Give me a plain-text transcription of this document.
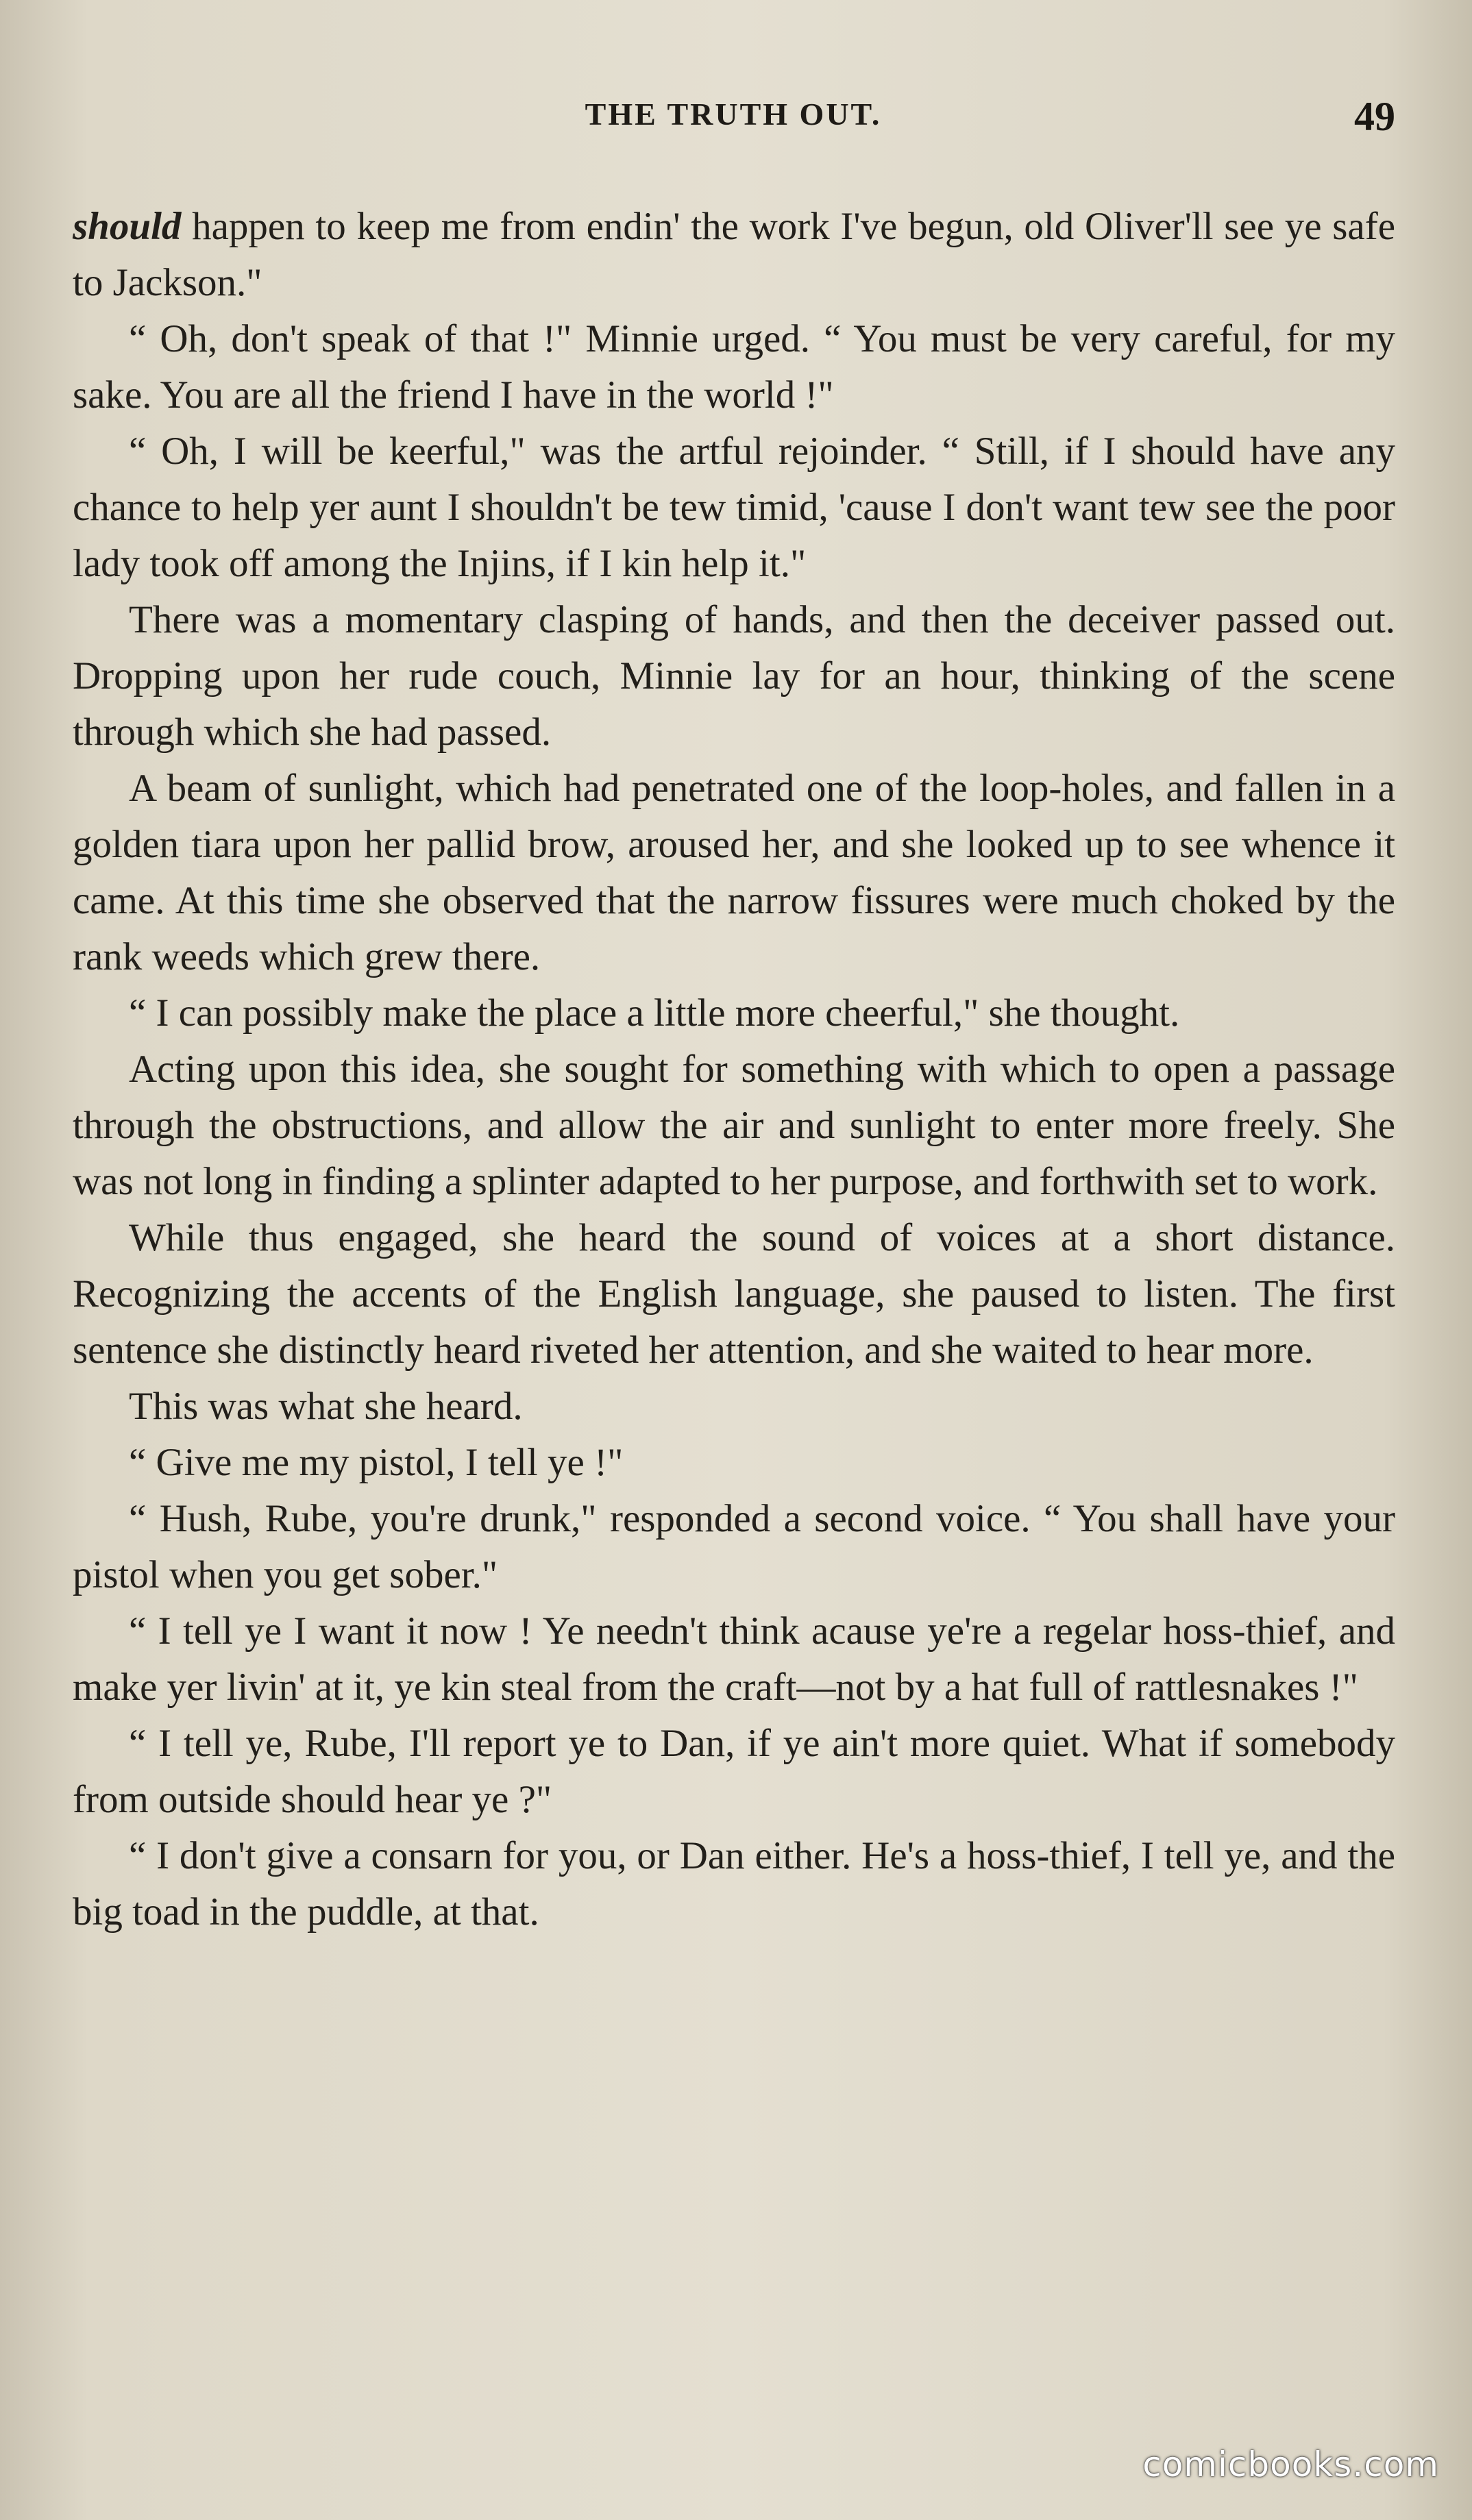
THE TRUTH OUT.	49

should happen to keep me from endin' the work I've begun, old Oliver'll see ye safe to Jackson."

“ Oh, don't speak of that !" Minnie urged. “ You must be very careful, for my sake. You are all the friend I have in the world !"

“ Oh, I will be keerful," was the artful rejoinder. “ Still, if I should have any chance to help yer aunt I shouldn't be tew timid, 'cause I don't want tew see the poor lady took off among the Injins, if I kin help it."

There was a momentary clasping of hands, and then the deceiver passed out. Dropping upon her rude couch, Minnie lay for an hour, thinking of the scene through which she had passed.

A beam of sunlight, which had penetrated one of the loop-holes, and fallen in a golden tiara upon her pallid brow, aroused her, and she looked up to see whence it came. At this time she observed that the narrow fissures were much choked by the rank weeds which grew there.

“ I can possibly make the place a little more cheerful," she thought.

Acting upon this idea, she sought for something with which to open a passage through the obstructions, and allow the air and sunlight to enter more freely. She was not long in finding a splinter adapted to her purpose, and forthwith set to work.

While thus engaged, she heard the sound of voices at a short distance. Recognizing the accents of the English language, she paused to listen. The first sentence she distinctly heard riveted her attention, and she waited to hear more.

This was what she heard.

“ Give me my pistol, I tell ye !"

“ Hush, Rube, you're drunk," responded a second voice. “ You shall have your pistol when you get sober."

“ I tell ye I want it now ! Ye needn't think acause ye're a regelar hoss-thief, and make yer livin' at it, ye kin steal from the craft—not by a hat full of rattlesnakes !"

“ I tell ye, Rube, I'll report ye to Dan, if ye ain't more quiet. What if somebody from outside should hear ye ?"

“ I don't give a consarn for you, or Dan either. He's a hoss-thief, I tell ye, and the big toad in the puddle, at that.

comicbooks.com
